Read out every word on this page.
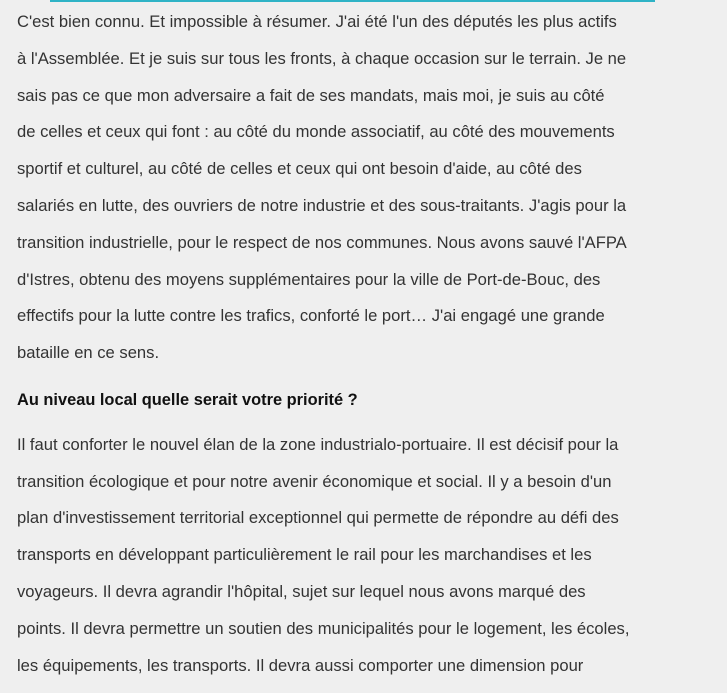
C'est bien connu. Et impossible à résumer. J'ai été l'un des députés les plus actifs
à l'Assemblée. Et je suis sur tous les fronts, à chaque occasion sur le terrain. Je ne
sais pas ce que mon adversaire a fait de ses mandats, mais moi, je suis au côté
de celles et ceux qui font : au côté du monde associatif, au côté des mouvements
sportif et culturel, au côté de celles et ceux qui ont besoin d'aide, au côté des
salariés en lutte, des ouvriers de notre industrie et des sous-traitants. J'agis pour la
transition industrielle, pour le respect de nos communes. Nous avons sauvé l'AFPA
d'Istres, obtenu des moyens supplémentaires pour la ville de Port-de-Bouc, des
effectifs pour la lutte contre les trafics, conforté le port… J'ai engagé une grande
bataille en ce sens.

Au niveau local quelle serait votre priorité ?

Il faut conforter le nouvel élan de la zone industrialo-portuaire. Il est décisif pour la
transition écologique et pour notre avenir économique et social. Il y a besoin d'un
plan d'investissement territorial exceptionnel qui permette de répondre au défi des
transports en développant particulièrement le rail pour les marchandises et les
voyageurs. Il devra agrandir l'hôpital, sujet sur lequel nous avons marqué des
points. Il devra permettre un soutien des municipalités pour le logement, les écoles,
les équipements, les transports. Il devra aussi comporter une dimension pour
